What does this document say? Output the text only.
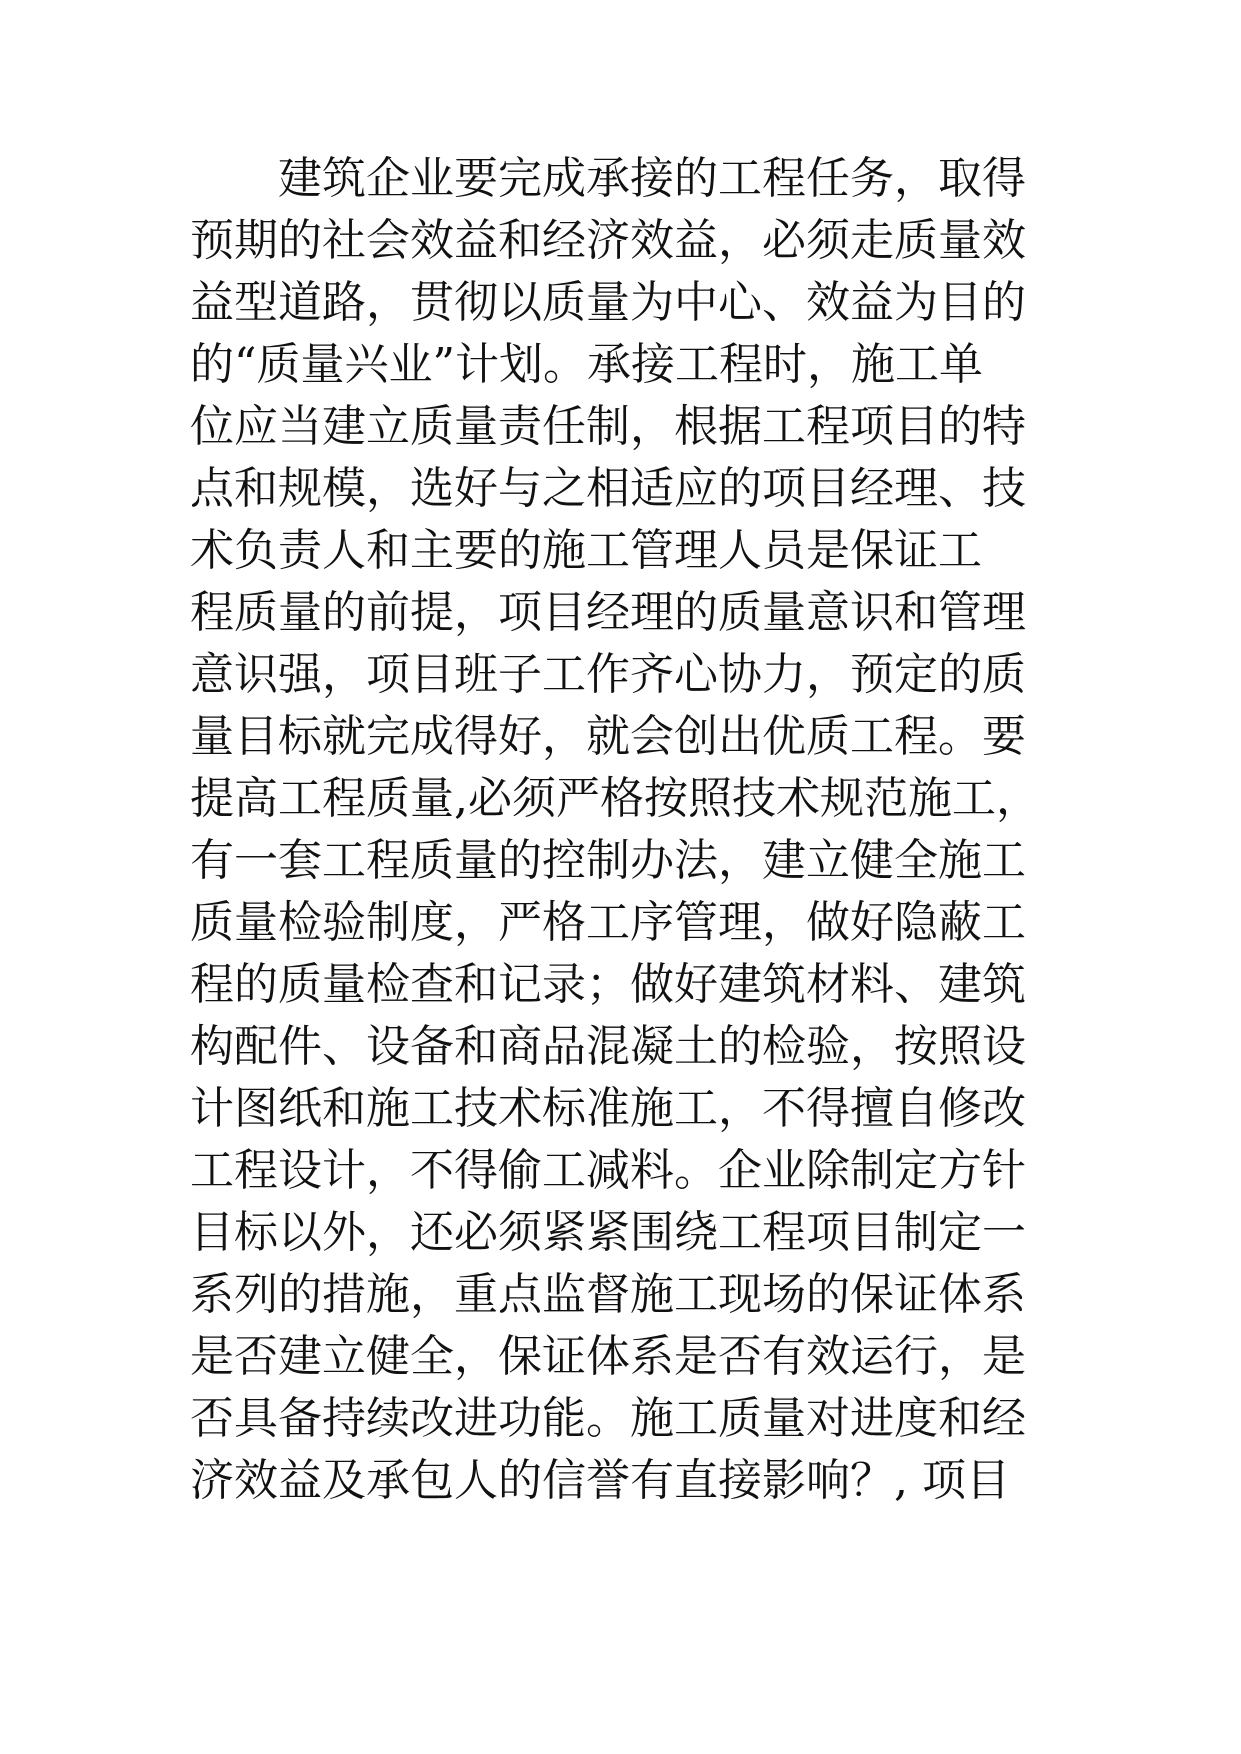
建筑企业要完成承接的工程任务，取得
预期的社会效益和经济效益，必须走质量效
益型道路，贯彻以质量为中心、效益为目的
的“质量兴业”计划。承接工程时，施工单
位应当建立质量责任制，根据工程项目的特
点和规模，选好与之相适应的项目经理、技
术负责人和主要的施工管理人员是保证工
程质量的前提，项目经理的质量意识和管理
意识强，项目班子工作齐心协力，预定的质
量目标就完成得好，就会创出优质工程。要
提高工程质量,必须严格按照技术规范施工，
有一套工程质量的控制办法，建立健全施工
质量检验制度，严格工序管理，做好隐蔽工
程的质量检查和记录；做好建筑材料、建筑
构配件、设备和商品混凝土的检验，按照设
计图纸和施工技术标准施工，不得擅自修改
工程设计，不得偷工减料。企业除制定方针
目标以外，还必须紧紧围绕工程项目制定一
系列的措施，重点监督施工现场的保证体系
是否建立健全，保证体系是否有效运行，是
否具备持续改进功能。施工质量对进度和经
济效益及承包人的信誉有直接影响？, 项目
